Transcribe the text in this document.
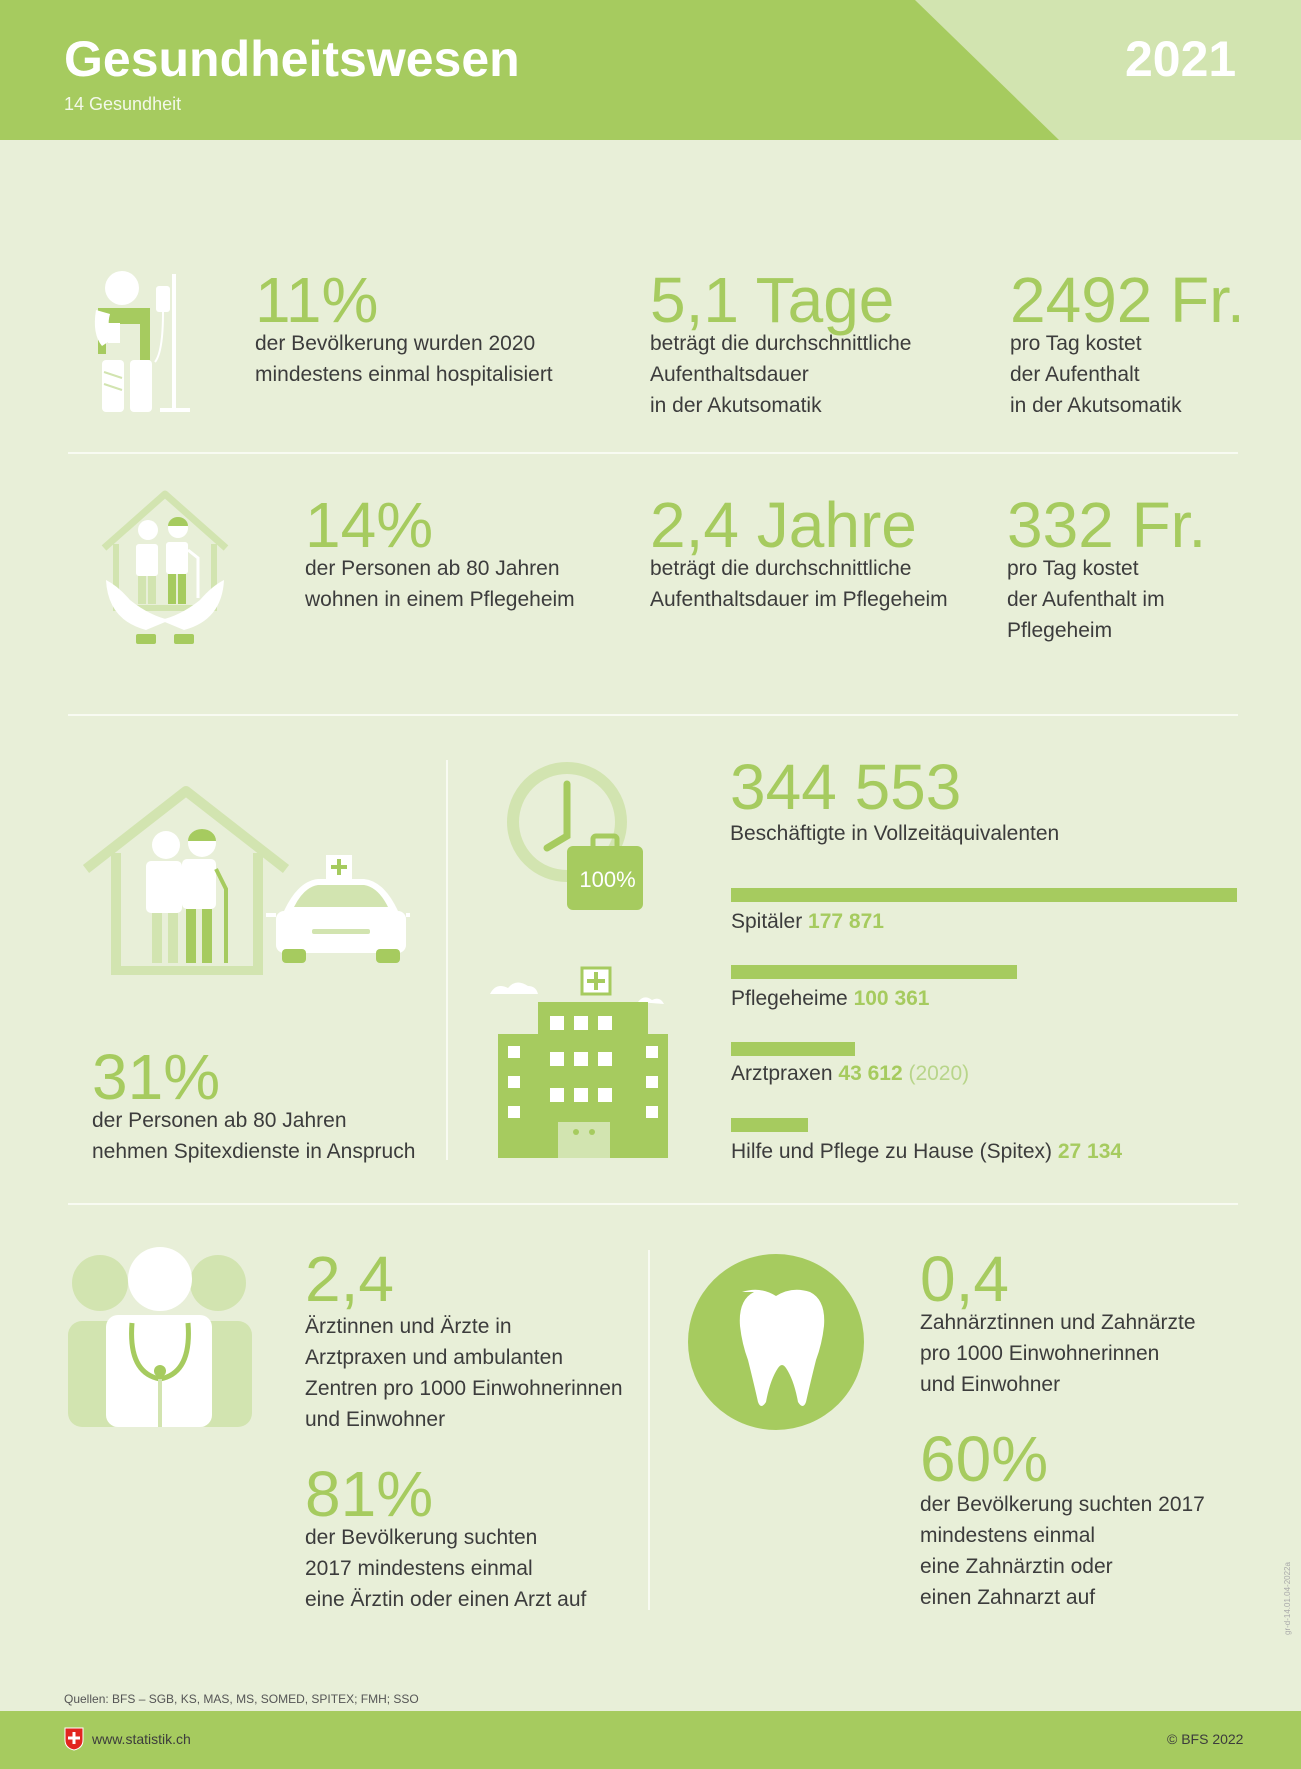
Gesundheitswesen
14 Gesundheit
2021
11%
der Bevölkerung wurden 2020
mindestens einmal hospitalisiert
5,1 Tage
beträgt die durchschnittliche
Aufenthaltsdauer
in der Akutsomatik
2492 Fr.
pro Tag kostet
der Aufenthalt
in der Akutsomatik
14%
der Personen ab 80 Jahren
wohnen in einem Pflegeheim
2,4 Jahre
beträgt die durchschnittliche
Aufenthaltsdauer im Pflegeheim
332 Fr.
pro Tag kostet
der Aufenthalt im
Pflegeheim
31%
der Personen ab 80 Jahren
nehmen Spitexdienste in Anspruch
100%
344 553
Beschäftigte in Vollzeitäquivalenten
Spitäler 177 871
Pflegeheime 100 361
Arztpraxen 43 612 (2020)
Hilfe und Pflege zu Hause (Spitex) 27 134
2,4
Ärztinnen und Ärzte in
Arztpraxen und ambulanten
Zentren pro 1000 Einwohnerinnen
und Einwohner
81%
der Bevölkerung suchten
2017 mindestens einmal
eine Ärztin oder einen Arzt auf
0,4
Zahnärztinnen und Zahnärzte
pro 1000 Einwohnerinnen
und Einwohner
60%
der Bevölkerung suchten 2017
mindestens einmal
eine Zahnärztin oder
einen Zahnarzt auf	gr-d-14.01.04-2022a
Quellen: BFS – SGB, KS, MAS, MS, SOMED, SPITEX; FMH; SSO
www.statistik.ch	© BFS 2022
